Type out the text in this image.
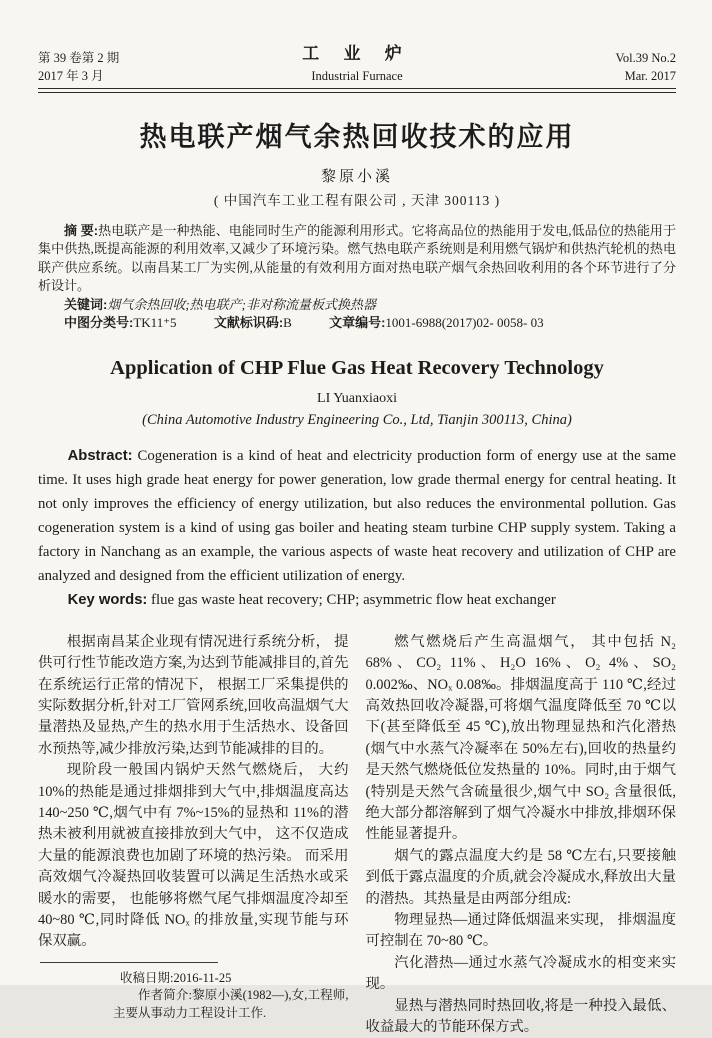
第 39 卷第 2 期
2017 年 3 月
工 业 炉
Industrial Furnace
Vol.39 No.2
Mar. 2017
热电联产烟气余热回收技术的应用
黎原小溪
( 中国汽车工业工程有限公司 , 天津 300113 )

摘 要:热电联产是一种热能、电能同时生产的能源利用形式。它将高品位的热能用于发电,低品位的热能用于集中供热,既提高能源的利用效率,又减少了环境污染。燃气热电联产系统则是利用燃气锅炉和供热汽轮机的热电联产供应系统。以南昌某工厂为实例,从能量的有效利用方面对热电联产烟气余热回收利用的各个环节进行了分析设计。

关键词:烟气余热回收;热电联产;非对称流量板式换热器

中图分类号:TK11⁺5	文献标识码:B	文章编号:1001-6988(2017)02- 0058- 03

Application of CHP Flue Gas Heat Recovery Technology
LI Yuanxiaoxi
(China Automotive Industry Engineering Co., Ltd, Tianjin 300113, China)

Abstract: Cogeneration is a kind of heat and electricity production form of energy use at the same time. It uses high grade heat energy for power generation, low grade thermal energy for central heating. It not only improves the efficiency of energy utilization, but also reduces the environmental pollution. Gas cogeneration system is a kind of using gas boiler and heating steam turbine CHP supply system. Taking a factory in Nanchang as an example, the various aspects of waste heat recovery and utilization of CHP are analyzed and designed from the efficient utilization of energy.

Key words: flue gas waste heat recovery; CHP; asymmetric flow heat exchanger

根据南昌某企业现有情况进行系统分析， 提供可行性节能改造方案,为达到节能减排目的,首先在系统运行正常的情况下， 根据工厂采集提供的实际数据分析,针对工厂管网系统,回收高温烟气大量潜热及显热,产生的热水用于生活热水、设备回水预热等,减少排放污染,达到节能减排的目的。

现阶段一般国内锅炉天然气燃烧后， 大约10%的热能是通过排烟排到大气中,排烟温度高达140~250 ℃,烟气中有 7%~15%的显热和 11%的潜热未被利用就被直接排放到大气中， 这不仅造成大量的能源浪费也加剧了环境的热污染。 而采用高效烟气冷凝热回收装置可以满足生活热水或采暖水的需要， 也能够将燃气尾气排烟温度冷却至40~80 ℃,同时降低 NOₓ 的排放量,实现节能与环保双赢。

收稿日期:2016-11-25

作者简介:黎原小溪(1982—),女,工程师,主要从事动力工程设计工作.

燃气燃烧后产生高温烟气， 其中包括 N₂ 68%、CO₂ 11%、H₂O 16%、O₂ 4%、SO₂ 0.002‰、NOₓ 0.08‰。排烟温度高于 110 ℃,经过高效热回收冷凝器,可将烟气温度降低至 70 ℃以下(甚至降低至 45 ℃),放出物理显热和汽化潜热(烟气中水蒸气冷凝率在 50%左右),回收的热量约是天然气燃烧低位发热量的 10%。同时,由于烟气(特别是天然气含硫量很少,烟气中 SO₂ 含量很低,绝大部分都溶解到了烟气冷凝水中排放,排烟环保性能显著提升。

烟气的露点温度大约是 58 ℃左右,只要接触到低于露点温度的介质,就会冷凝成水,释放出大量的潜热。其热量是由两部分组成:

物理显热—通过降低烟温来实现， 排烟温度可控制在 70~80 ℃。

汽化潜热—通过水蒸气冷凝成水的相变来实现。

显热与潜热同时热回收,将是一种投入最低、收益最大的节能环保方式。
